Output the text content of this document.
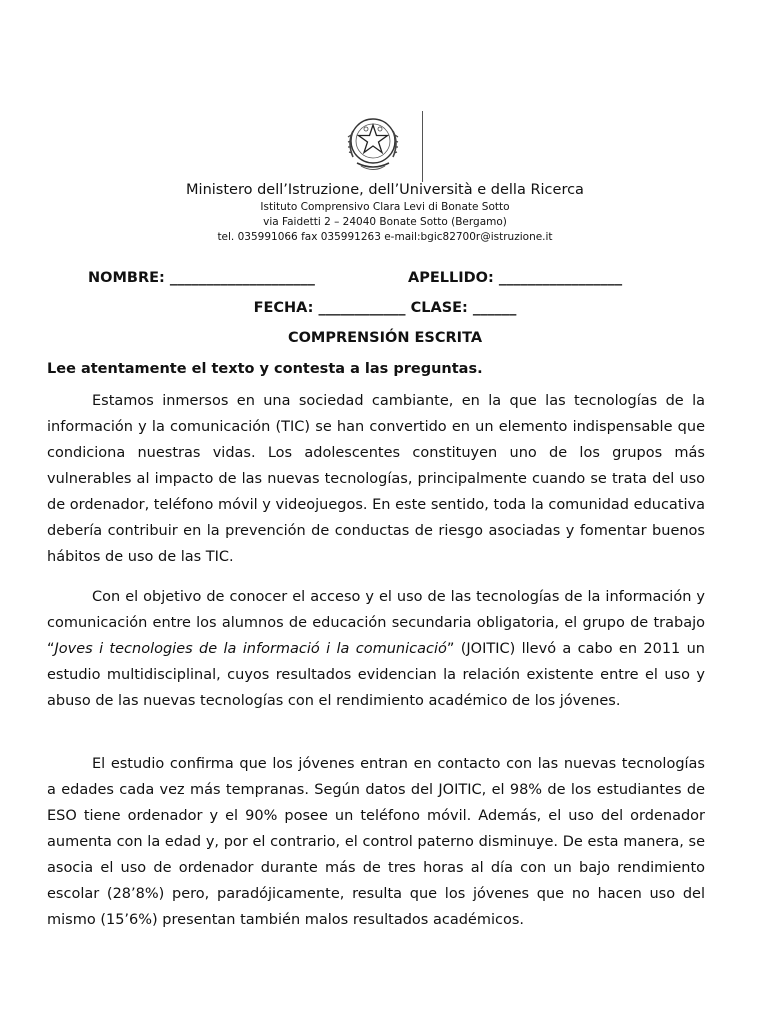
Ministero dell’Istruzione, dell’Università e della Ricerca
Istituto Comprensivo Clara Levi di Bonate Sotto
via Faidetti 2 – 24040 Bonate Sotto (Bergamo)
tel. 035991066 fax 035991263 e-mail:bgic82700r@istruzione.it
NOMBRE: ____________________	APELLIDO: _________________
FECHA: ____________ CLASE: ______
COMPRENSIÓN ESCRITA
Lee atentamente el texto y contesta a las preguntas.

Estamos inmersos en una sociedad cambiante, en la que las tecnologías de la información y la comunicación (TIC) se han convertido en un elemento indispensable que condiciona nuestras vidas. Los adolescentes constituyen uno de los grupos más vulnerables al impacto de las nuevas tecnologías, principalmente cuando se trata del uso de ordenador, teléfono móvil y videojuegos. En este sentido, toda la comunidad educativa debería contribuir en la prevención de conductas de riesgo asociadas y fomentar buenos hábitos de uso de las TIC.

Con el objetivo de conocer el acceso y el uso de las tecnologías de la información y comunicación entre los alumnos de educación secundaria obligatoria, el grupo de trabajo “Joves i tecnologies de la informació i la comunicació” (JOITIC) llevó a cabo en 2011 un estudio multidisciplinal, cuyos resultados evidencian la relación existente entre el uso y abuso de las nuevas tecnologías con el rendimiento académico de los jóvenes.

El estudio confirma que los jóvenes entran en contacto con las nuevas tecnologías a edades cada vez más tempranas. Según datos del JOITIC, el 98% de los estudiantes de ESO tiene ordenador y el 90% posee un teléfono móvil. Además, el uso del ordenador aumenta con la edad y, por el contrario, el control paterno disminuye. De esta manera, se asocia el uso de ordenador durante más de tres horas al día con un bajo rendimiento escolar (28’8%) pero, paradójicamente, resulta que los jóvenes que no hacen uso del mismo (15’6%) presentan también malos resultados académicos.
